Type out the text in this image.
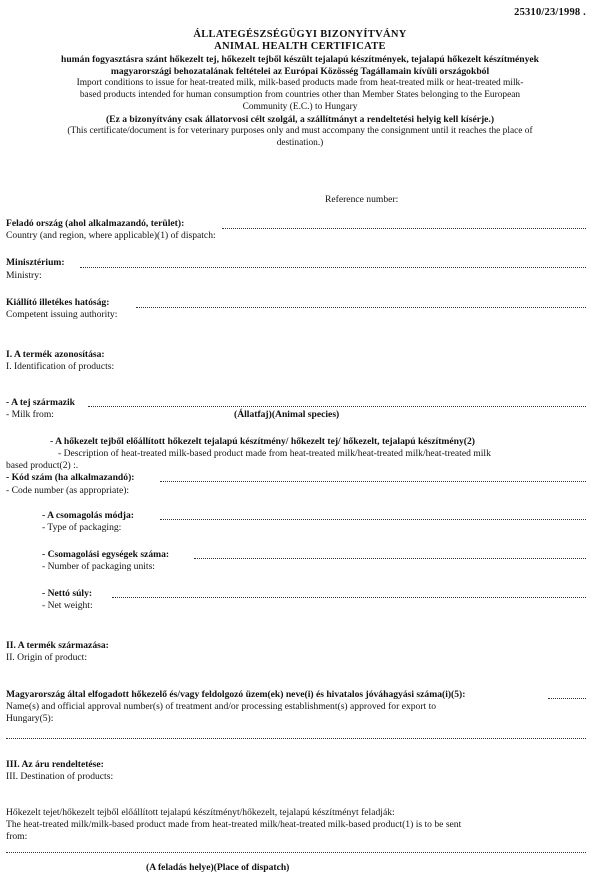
25310/23/1998 .
ÁLLATEGÉSZSÉGÜGYI BIZONYÍTVÁNY
ANIMAL HEALTH CERTIFICATE
humán fogyasztásra szánt hőkezelt tej, hőkezelt tejből készült tejalapú készítmények, tejalapú hőkezelt készítmények
magyarországi behozatalának feltételei az Európai Közösség Tagállamain kívüli országokból
Import conditions to issue for heat-treated milk, milk-based products made from heat-treated milk or heat-treated milk-
based products intended for human consumption from countries other than Member States belonging to the European
Community (E.C.) to Hungary
(Ez a bizonyítvány csak állatorvosi célt szolgál, a szállítmányt a rendeltetési helyig kell kísérje.)
(This certificate/document is for veterinary purposes only and must accompany the consignment until it reaches the place of
destination.)
Reference number:
Feladó ország (ahol alkalmazandó, terület):
Country (and region, where applicable)(1) of dispatch:
Minisztérium:
Ministry:
Kiállító illetékes hatóság:
Competent issuing authority:
I. A termék azonosítása:
I. Identification of products:
- A tej származik
- Milk from:	(Állatfaj)(Animal species)
- A hőkezelt tejből előállított hőkezelt tejalapú készítmény/ hőkezelt tej/ hőkezelt, tejalapú készítmény(2)
- Description of heat-treated milk-based product made from heat-treated milk/heat-treated milk/heat-treated milk
based product(2) :.
- Kód szám (ha alkalmazandó):
- Code number (as appropriate):
- A csomagolás módja:
- Type of packaging:
- Csomagolási egységek száma:
- Number of packaging units:
- Nettó súly:
- Net weight:
II. A termék származása:
II. Origin of product:
Magyarország által elfogadott hőkezelő és/vagy feldolgozó üzem(ek) neve(i) és hivatalos jóváhagyási száma(i)(5):
Name(s) and official approval number(s) of treatment and/or processing establishment(s) approved for export to
Hungary(5):
III. Az áru rendeltetése:
III. Destination of products:
Hőkezelt tejet/hőkezelt tejből előállított tejalapú készítményt/hőkezelt, tejalapú készítményt feladják:
The heat-treated milk/milk-based product made from heat-treated milk/heat-treated milk-based product(1) is to be sent
from:
(A feladás helye)(Place of dispatch)
